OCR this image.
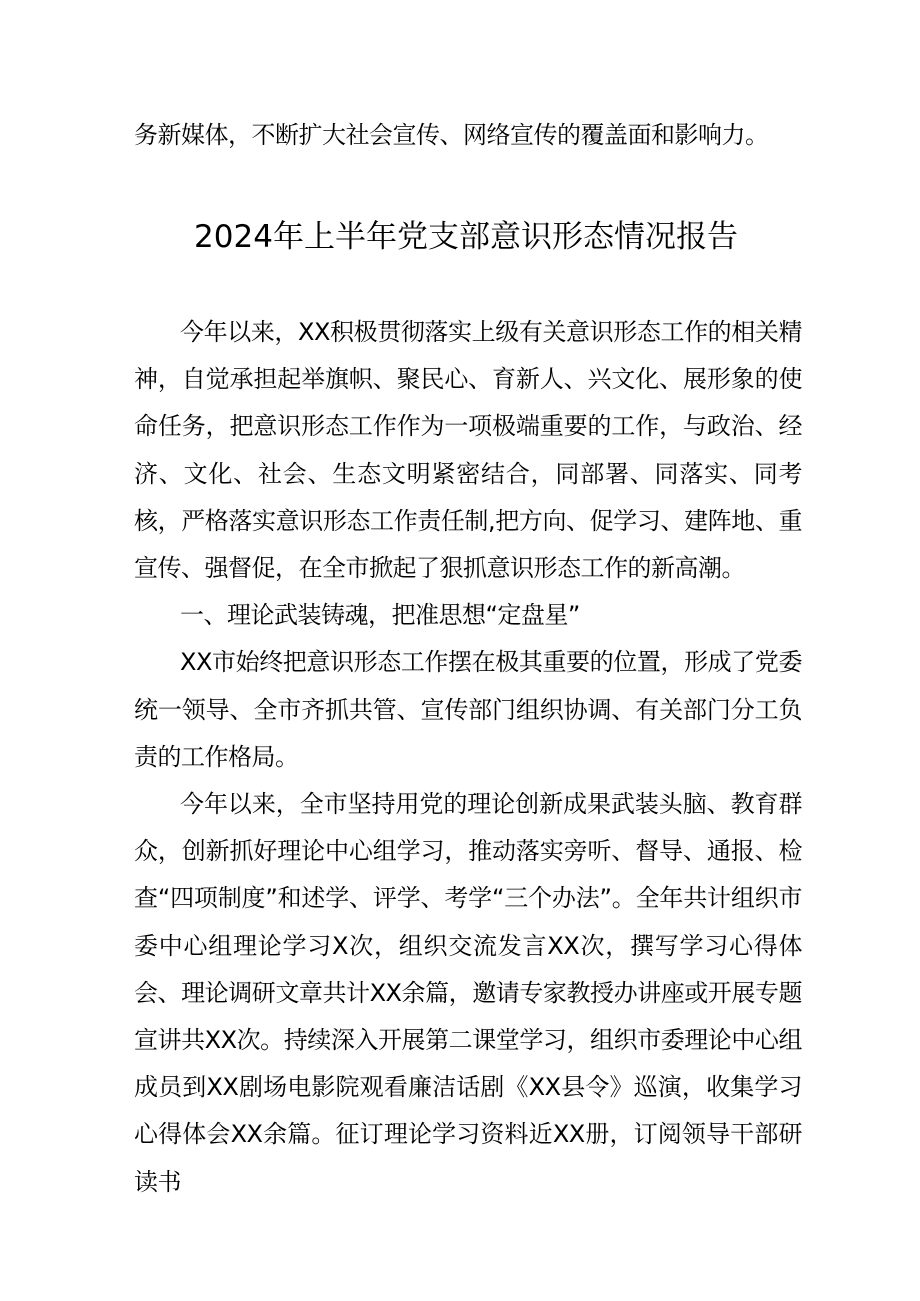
务新媒体，不断扩大社会宣传、网络宣传的覆盖面和影响力。

2024年上半年党支部意识形态情况报告

今年以来，XX积极贯彻落实上级有关意识形态工作的相关精神，自觉承担起举旗帜、聚民心、育新人、兴文化、展形象的使命任务，把意识形态工作作为一项极端重要的工作，与政治、经济、文化、社会、生态文明紧密结合，同部署、同落实、同考核，严格落实意识形态工作责任制,把方向、促学习、建阵地、重宣传、强督促，在全市掀起了狠抓意识形态工作的新高潮。

一、理论武装铸魂，把准思想“定盘星”

XX市始终把意识形态工作摆在极其重要的位置，形成了党委统一领导、全市齐抓共管、宣传部门组织协调、有关部门分工负责的工作格局。

今年以来，全市坚持用党的理论创新成果武装头脑、教育群众，创新抓好理论中心组学习，推动落实旁听、督导、通报、检查“四项制度”和述学、评学、考学“三个办法”。全年共计组织市委中心组理论学习X次，组织交流发言XX次，撰写学习心得体会、理论调研文章共计XX余篇，邀请专家教授办讲座或开展专题宣讲共XX次。持续深入开展第二课堂学习，组织市委理论中心组成员到XX剧场电影院观看廉洁话剧《XX县令》巡演，收集学习心得体会XX余篇。征订理论学习资料近XX册，订阅领导干部研读书
